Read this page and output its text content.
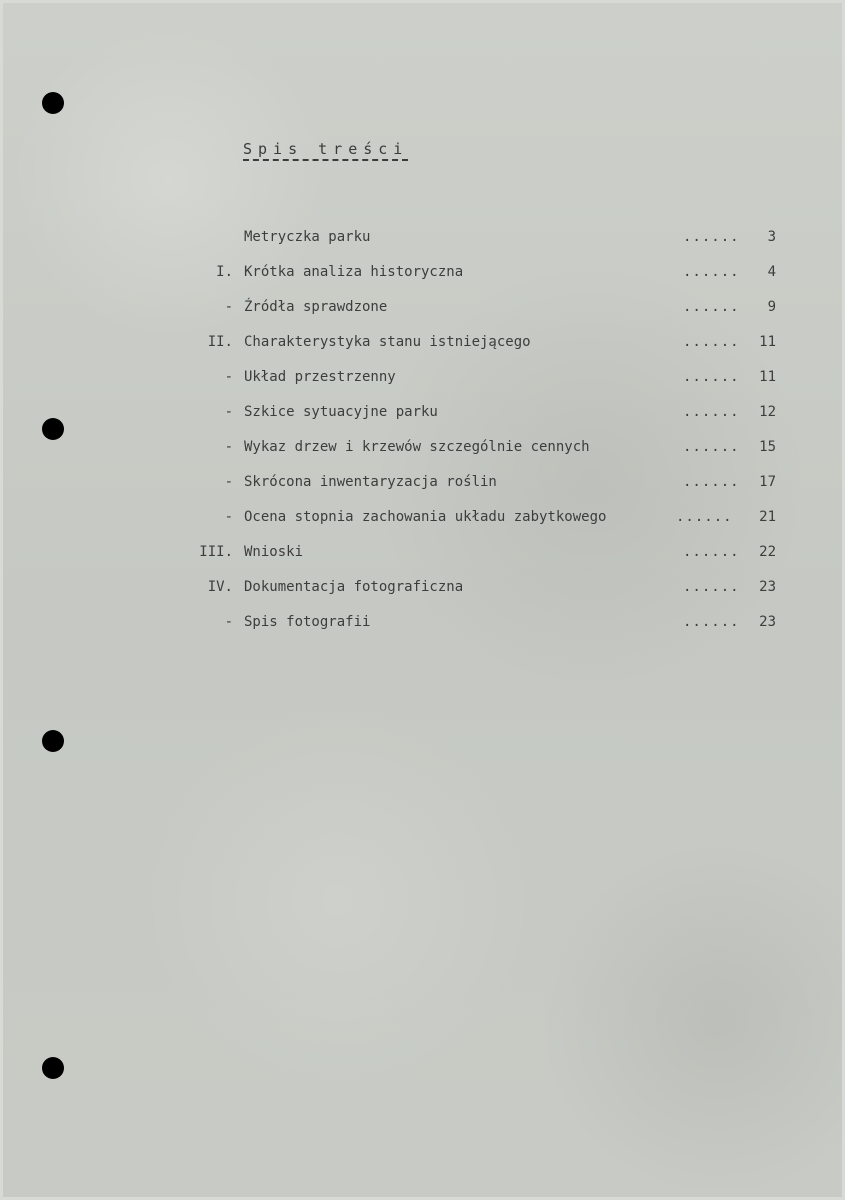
Spis treści
Metryczka parku	......	3
I. Krótka analiza historyczna	......	4
- Źródła sprawdzone	......	9
II. Charakterystyka stanu istniejącego	......	11
- Układ przestrzenny	......	11
- Szkice sytuacyjne parku	......	12
- Wykaz drzew i krzewów szczególnie cennych	......	15
- Skrócona inwentaryzacja roślin	......	17
- Ocena stopnia zachowania układu zabytkowego	......	21
III. Wnioski	......	22
IV. Dokumentacja fotograficzna	......	23
- Spis fotografii	......	23
